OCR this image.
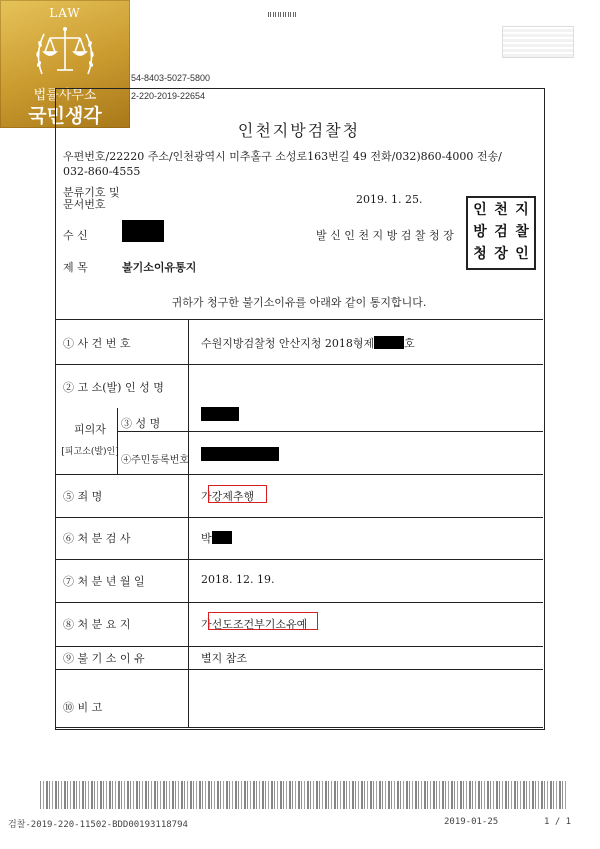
LAW
법률사무소
국민생각
54-8403-5027-5800
2-220-2019-22654
인천지방검찰청
우편번호/22220 주소/인천광역시 미추홀구 소성로163번길 49 전화/032)860-4000 전송/
032-860-4555
분류기호 및
문서번호	2019. 1. 25.
수 신	발 신 인 천 지 방 검 찰 청 장
인 천 지
방 검 찰
청 장 인
제 목	불기소이유통지
귀하가 청구한 불기소이유를 아래와 같이 통지합니다.
① 사 건 번 호	수원지방검찰청 안산지청 2018형제	호
② 고 소(발) 인 성 명
피의자
[피고소(발)인]
③ 성 명
④주민등록번호
⑤ 죄 명	가강제추행
⑥ 처 분 검 사	박
⑦ 처 분 년 월 일	2018. 12. 19.
⑧ 처 분 요 지	가선도조건부기소유예
⑨ 불 기 소 이 유	별지 참조
⑩ 비 고
검찰-2019-220-11502-BDD00193118794	2019-01-25	1 / 1
